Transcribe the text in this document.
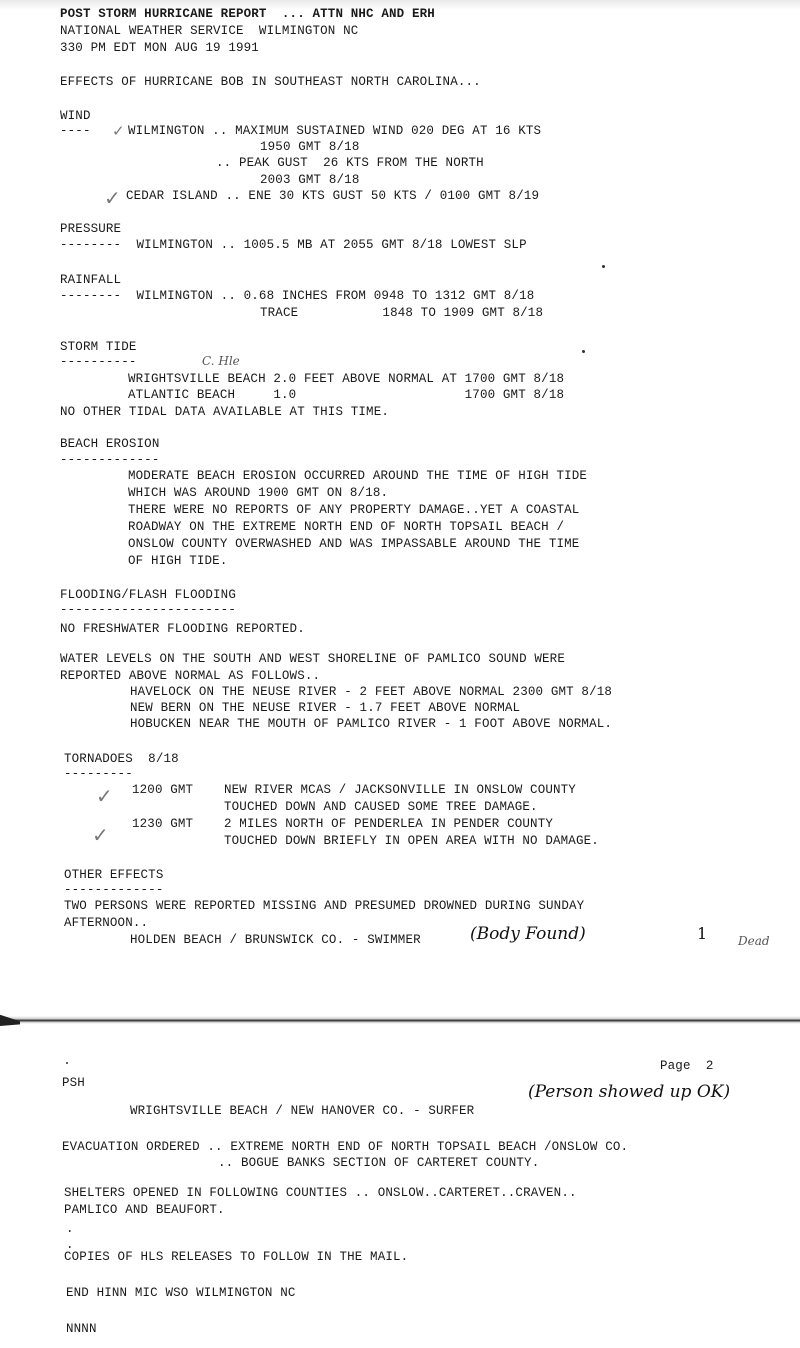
POST STORM HURRICANE REPORT  ... ATTN NHC AND ERH

NATIONAL WEATHER SERVICE  WILMINGTON NC

330 PM EDT MON AUG 19 1991

EFFECTS OF HURRICANE BOB IN SOUTHEAST NORTH CAROLINA...

WIND

---- ✓ WILMINGTON .. MAXIMUM SUSTAINED WIND 020 DEG AT 16 KTS

1950 GMT 8/18

.. PEAK GUST  26 KTS FROM THE NORTH

2003 GMT 8/18

✓ CEDAR ISLAND .. ENE 30 KTS GUST 50 KTS / 0100 GMT 8/19

PRESSURE

--------  WILMINGTON .. 1005.5 MB AT 2055 GMT 8/18 LOWEST SLP

RAINFALL

--------  WILMINGTON .. 0.68 INCHES FROM 0948 TO 1312 GMT 8/18

TRACE           1848 TO 1909 GMT 8/18

STORM TIDE

----------	C. Hle

WRIGHTSVILLE BEACH 2.0 FEET ABOVE NORMAL AT 1700 GMT 8/18

ATLANTIC BEACH     1.0                      1700 GMT 8/18

NO OTHER TIDAL DATA AVAILABLE AT THIS TIME.

BEACH EROSION

-------------

MODERATE BEACH EROSION OCCURRED AROUND THE TIME OF HIGH TIDE

WHICH WAS AROUND 1900 GMT ON 8/18.

THERE WERE NO REPORTS OF ANY PROPERTY DAMAGE..YET A COASTAL

ROADWAY ON THE EXTREME NORTH END OF NORTH TOPSAIL BEACH /

ONSLOW COUNTY OVERWASHED AND WAS IMPASSABLE AROUND THE TIME

OF HIGH TIDE.

FLOODING/FLASH FLOODING

-----------------------

NO FRESHWATER FLOODING REPORTED.

WATER LEVELS ON THE SOUTH AND WEST SHORELINE OF PAMLICO SOUND WERE

REPORTED ABOVE NORMAL AS FOLLOWS..

HAVELOCK ON THE NEUSE RIVER - 2 FEET ABOVE NORMAL 2300 GMT 8/18

NEW BERN ON THE NEUSE RIVER - 1.7 FEET ABOVE NORMAL

HOBUCKEN NEAR THE MOUTH OF PAMLICO RIVER - 1 FOOT ABOVE NORMAL.

TORNADOES  8/18

---------

✓ 1200 GMT NEW RIVER MCAS / JACKSONVILLE IN ONSLOW COUNTY

TOUCHED DOWN AND CAUSED SOME TREE DAMAGE.

✓ 1230 GMT 2 MILES NORTH OF PENDERLEA IN PENDER COUNTY

TOUCHED DOWN BRIEFLY IN OPEN AREA WITH NO DAMAGE.

OTHER EFFECTS

-------------

TWO PERSONS WERE REPORTED MISSING AND PRESUMED DROWNED DURING SUNDAY

AFTERNOON..

HOLDEN BEACH / BRUNSWICK CO. - SWIMMER	(Body Found)	1	Dead

Page  2

PSH

WRIGHTSVILLE BEACH / NEW HANOVER CO. - SURFER

(Person showed up OK)

EVACUATION ORDERED .. EXTREME NORTH END OF NORTH TOPSAIL BEACH /ONSLOW CO.

.. BOGUE BANKS SECTION OF CARTERET COUNTY.

SHELTERS OPENED IN FOLLOWING COUNTIES .. ONSLOW..CARTERET..CRAVEN..

PAMLICO AND BEAUFORT.

.

.

COPIES OF HLS RELEASES TO FOLLOW IN THE MAIL.

END HINN MIC WSO WILMINGTON NC

NNNN
